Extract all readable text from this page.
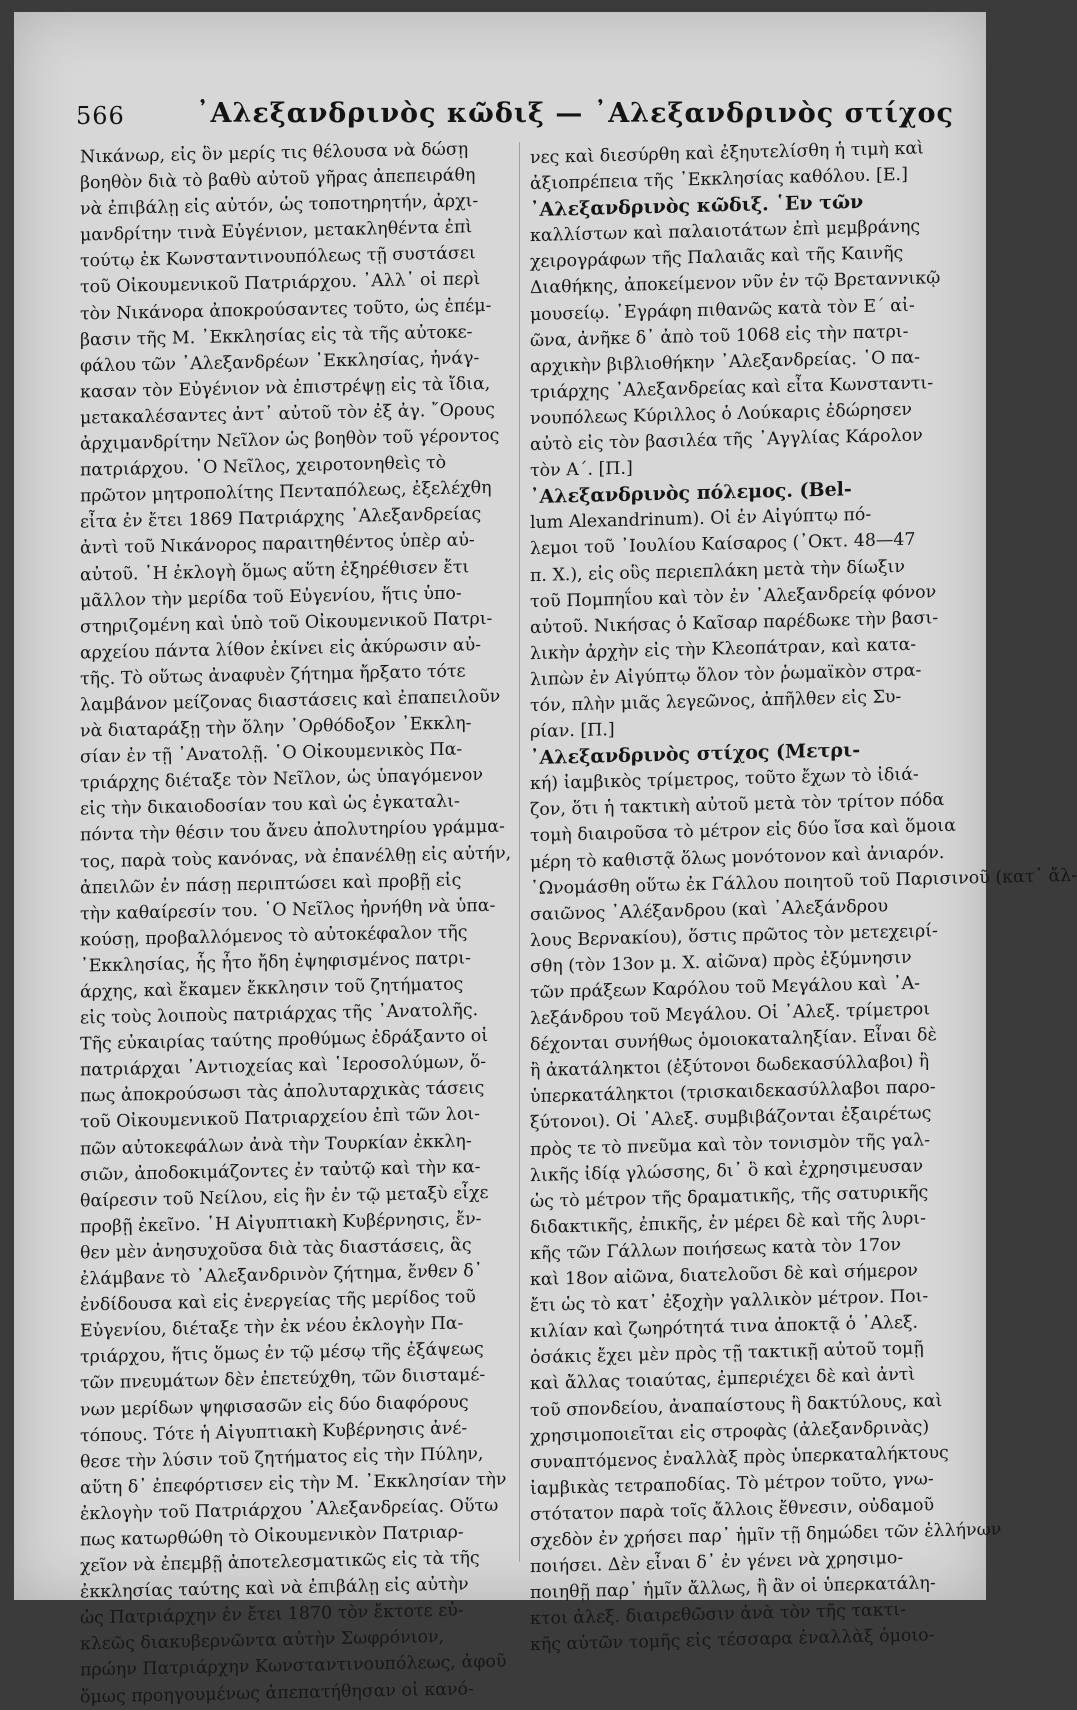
566	᾿Αλεξανδρινὸς κῶδιξ — ᾿Αλεξανδρινὸς στίχος
Νικάνωρ, εἰς ὃν μερίς τις θέλουσα νὰ δώσῃ
βοηθὸν διὰ τὸ βαθὺ αὐτοῦ γῆρας ἀπεπειράθη
νὰ ἐπιβάλῃ εἰς αὐτόν, ὡς τοποτηρητήν, ἀρχι-
μανδρίτην τινὰ Εὐγένιον, μετακληθέντα ἐπὶ
τούτῳ ἐκ Κωνσταντινουπόλεως τῇ συστάσει
τοῦ Οἰκουμενικοῦ Πατριάρχου. ᾿Αλλ᾿ οἱ περὶ
τὸν Νικάνορα ἀποκρούσαντες τοῦτο, ὡς ἐπέμ-
βασιν τῆς Μ. ᾿Εκκλησίας εἰς τὰ τῆς αὐτοκε-
φάλου τῶν ᾿Αλεξανδρέων ᾿Εκκλησίας, ἠνάγ-
κασαν τὸν Εὐγένιον νὰ ἐπιστρέψῃ εἰς τὰ ἴδια,
μετακαλέσαντες ἀντ᾿ αὐτοῦ τὸν ἐξ ἀγ. ῎Ορους
ἀρχιμανδρίτην Νεῖλον ὡς βοηθὸν τοῦ γέροντος
πατριάρχου. ῾Ο Νεῖλος, χειροτονηθεὶς τὸ
πρῶτον μητροπολίτης Πενταπόλεως, ἐξελέχθη
εἶτα ἐν ἔτει 1869 Πατριάρχης ᾿Αλεξανδρείας
ἀντὶ τοῦ Νικάνορος παραιτηθέντος ὑπὲρ αὐ-
αὐτοῦ. ῾Η ἐκλογὴ ὅμως αὕτη ἐξηρέθισεν ἔτι
μᾶλλον τὴν μερίδα τοῦ Εὐγενίου, ἥτις ὑπο-
στηριζομένη καὶ ὑπὸ τοῦ Οἰκουμενικοῦ Πατρι-
αρχείου πάντα λίθον ἐκίνει εἰς ἀκύρωσιν αὐ-
τῆς. Τὸ οὕτως ἀναφυὲν ζήτημα ἤρξατο τότε
λαμβάνον μείζονας διαστάσεις καὶ ἐπαπειλοῦν
νὰ διαταράξῃ τὴν ὅλην ᾿Ορθόδοξον ᾿Εκκλη-
σίαν ἐν τῇ ᾿Ανατολῇ. ῾Ο Οἰκουμενικὸς Πα-
τριάρχης διέταξε τὸν Νεῖλον, ὡς ὑπαγόμενον
εἰς τὴν δικαιοδοσίαν του καὶ ὡς ἐγκαταλι-
πόντα τὴν θέσιν του ἄνευ ἀπολυτηρίου γράμμα-
τος, παρὰ τοὺς κανόνας, νὰ ἐπανέλθῃ εἰς αὐτήν,
ἀπειλῶν ἐν πάσῃ περιπτώσει καὶ προβῇ εἰς
τὴν καθαίρεσίν του. ῾Ο Νεῖλος ἠρνήθη νὰ ὑπα-
κούσῃ, προβαλλόμενος τὸ αὐτοκέφαλον τῆς
᾿Εκκλησίας, ἧς ἦτο ἤδη ἐψηφισμένος πατρι-
άρχης, καὶ ἔκαμεν ἔκκλησιν τοῦ ζητήματος
εἰς τοὺς λοιποὺς πατριάρχας τῆς ᾿Ανατολῆς.
Τῆς εὐκαιρίας ταύτης προθύμως ἐδράξαντο οἱ
πατριάρχαι ᾿Αντιοχείας καὶ ῾Ιεροσολύμων, ὅ-
πως ἀποκρούσωσι τὰς ἀπολυταρχικὰς τάσεις
τοῦ Οἰκουμενικοῦ Πατριαρχείου ἐπὶ τῶν λοι-
πῶν αὐτοκεφάλων ἀνὰ τὴν Τουρκίαν ἐκκλη-
σιῶν, ἀποδοκιμάζοντες ἐν ταὐτῷ καὶ τὴν κα-
θαίρεσιν τοῦ Νείλου, εἰς ἣν ἐν τῷ μεταξὺ εἶχε
προβῇ ἐκεῖνο. ῾Η Αἰγυπτιακὴ Κυβέρνησις, ἔν-
θεν μὲν ἀνησυχοῦσα διὰ τὰς διαστάσεις, ἃς
ἐλάμβανε τὸ ᾿Αλεξανδρινὸν ζήτημα, ἔνθεν δ᾿
ἐνδίδουσα καὶ εἰς ἐνεργείας τῆς μερίδος τοῦ
Εὐγενίου, διέταξε τὴν ἐκ νέου ἐκλογὴν Πα-
τριάρχου, ἥτις ὅμως ἐν τῷ μέσῳ τῆς ἐξάψεως
τῶν πνευμάτων δὲν ἐπετεύχθη, τῶν διισταμέ-
νων μερίδων ψηφισασῶν εἰς δύο διαφόρους
τόπους. Τότε ἡ Αἰγυπτιακὴ Κυβέρνησις ἀνέ-
θεσε τὴν λύσιν τοῦ ζητήματος εἰς τὴν Πύλην,
αὕτη δ᾿ ἐπεφόρτισεν εἰς τὴν Μ. ᾿Εκκλησίαν τὴν
ἐκλογὴν τοῦ Πατριάρχου ᾿Αλεξανδρείας. Οὕτω
πως κατωρθώθη τὸ Οἰκουμενικὸν Πατριαρ-
χεῖον νὰ ἐπεμβῇ ἀποτελεσματικῶς εἰς τὰ τῆς
ἐκκλησίας ταύτης καὶ νὰ ἐπιβάλῃ εἰς αὐτὴν
ὡς Πατριάρχην ἐν ἔτει 1870 τὸν ἔκτοτε εὐ-
κλεῶς διακυβερνῶντα αὐτὴν Σωφρόνιον,
πρώην Πατριάρχην Κωνσταντινουπόλεως, ἀφοῦ
ὅμως προηγουμένως ἀπεπατήθησαν οἱ κανό-
νες καὶ διεσύρθη καὶ ἐξηυτελίσθη ἡ τιμὴ καὶ
ἀξιοπρέπεια τῆς ᾿Εκκλησίας καθόλου. [Ε.]
᾿Αλεξανδρινὸς κῶδιξ. ῾Εν τῶν
καλλίστων καὶ παλαιοτάτων ἐπὶ μεμβράνης
χειρογράφων τῆς Παλαιᾶς καὶ τῆς Καινῆς
Διαθήκης, ἀποκείμενον νῦν ἐν τῷ Βρεταννικῷ
μουσείῳ. ᾿Εγράφη πιθανῶς κατὰ τὸν Ε΄ αἰ-
ῶνα, ἀνῆκε δ᾿ ἀπὸ τοῦ 1068 εἰς τὴν πατρι-
αρχικὴν βιβλιοθήκην ᾿Αλεξανδρείας. ῾Ο πα-
τριάρχης ᾿Αλεξανδρείας καὶ εἶτα Κωνσταντι-
νουπόλεως Κύριλλος ὁ Λούκαρις ἐδώρησεν
αὐτὸ εἰς τὸν βασιλέα τῆς ᾿Αγγλίας Κάρολον
τὸν Α΄. [Π.]
᾿Αλεξανδρινὸς πόλεμος. (Bel-
lum Alexandrinum). Οἱ ἐν Αἰγύπτῳ πό-
λεμοι τοῦ ᾿Ιουλίου Καίσαρος (᾿Οκτ. 48—47
π. Χ.), εἰς οὓς περιεπλάκη μετὰ τὴν δίωξιν
τοῦ Πομπηΐου καὶ τὸν ἐν ᾿Αλεξανδρείᾳ φόνον
αὐτοῦ. Νικήσας ὁ Καῖσαρ παρέδωκε τὴν βασι-
λικὴν ἀρχὴν εἰς τὴν Κλεοπάτραν, καὶ κατα-
λιπὼν ἐν Αἰγύπτῳ ὅλον τὸν ῥωμαϊκὸν στρα-
τόν, πλὴν μιᾶς λεγεῶνος, ἀπῆλθεν εἰς Συ-
ρίαν. [Π.]
᾿Αλεξανδρινὸς στίχος (Μετρι-
κή) ἰαμβικὸς τρίμετρος, τοῦτο ἔχων τὸ ἰδιά-
ζον, ὅτι ἡ τακτικὴ αὐτοῦ μετὰ τὸν τρίτον πόδα
τομὴ διαιροῦσα τὸ μέτρον εἰς δύο ἴσα καὶ ὅμοια
μέρη τὸ καθιστᾷ ὅλως μονότονον καὶ ἀνιαρόν.
᾿Ωνομάσθη οὕτω ἐκ Γάλλου ποιητοῦ τοῦ Παρισινοῦ (κατ᾿ ἄλ-
σαιῶνος ᾿Αλέξανδρου (καὶ ᾿Αλεξάνδρου
λους Βερνακίου), ὅστις πρῶτος τὸν μετεχειρί-
σθη (τὸν 13ον μ. Χ. αἰῶνα) πρὸς ἐξύμνησιν
τῶν πράξεων Καρόλου τοῦ Μεγάλου καὶ ᾿Α-
λεξάνδρου τοῦ Μεγάλου. Οἱ ᾿Αλεξ. τρίμετροι
δέχονται συνήθως ὁμοιοκαταληξίαν. Εἶναι δὲ
ἢ ἀκατάληκτοι (ἐξύτονοι δωδεκασύλλαβοι) ἢ
ὑπερκατάληκτοι (τρισκαιδεκασύλλαβοι παρο-
ξύτονοι). Οἱ ᾿Αλεξ. συμβιβάζονται ἐξαιρέτως
πρὸς τε τὸ πνεῦμα καὶ τὸν τονισμὸν τῆς γαλ-
λικῆς ἰδίᾳ γλώσσης, δι᾿ ὃ καὶ ἐχρησιμευσαν
ὡς τὸ μέτρον τῆς δραματικῆς, τῆς σατυρικῆς
διδακτικῆς, ἐπικῆς, ἐν μέρει δὲ καὶ τῆς λυρι-
κῆς τῶν Γάλλων ποιήσεως κατὰ τὸν 17ον
καὶ 18ον αἰῶνα, διατελοῦσι δὲ καὶ σήμερον
ἔτι ὡς τὸ κατ᾿ ἐξοχὴν γαλλικὸν μέτρον. Ποι-
κιλίαν καὶ ζωηρότητά τινα ἀποκτᾷ ὁ ᾿Αλεξ.
ὁσάκις ἔχει μὲν πρὸς τῇ τακτικῇ αὐτοῦ τομῇ
καὶ ἄλλας τοιαύτας, ἐμπεριέχει δὲ καὶ ἀντὶ
τοῦ σπονδείου, ἀναπαίστους ἢ δακτύλους, καὶ
χρησιμοποιεῖται εἰς στροφὰς (ἀλεξανδρινὰς)
συναπτόμενος ἐναλλὰξ πρὸς ὑπερκαταλήκτους
ἰαμβικὰς τετραποδίας. Τὸ μέτρον τοῦτο, γνω-
στότατον παρὰ τοῖς ἄλλοις ἔθνεσιν, οὐδαμοῦ
σχεδὸν ἐν χρήσει παρ᾿ ἡμῖν τῇ δημώδει τῶν ἑλλήνων
ποιήσει. Δὲν εἶναι δ᾿ ἐν γένει νὰ χρησιμο-
ποιηθῇ παρ᾿ ἡμῖν ἄλλως, ἢ ἂν οἱ ὑπερκατάλη-
κτοι ἀλεξ. διαιρεθῶσιν ἀνὰ τὸν τῆς τακτι-
κῆς αὐτῶν τομῆς εἰς τέσσαρα ἐναλλὰξ ὁμοιο-
